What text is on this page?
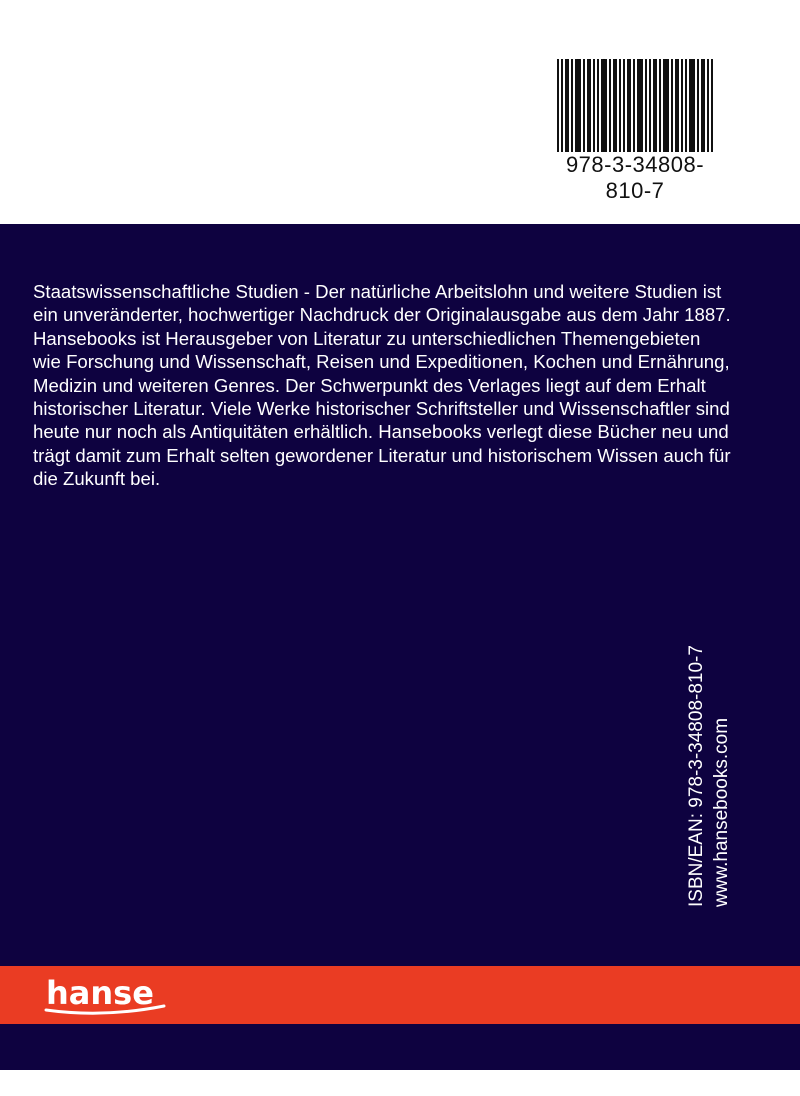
978-3-34808-810-7

Staatswissenschaftliche Studien - Der natürliche Arbeitslohn und weitere Studien ist ein unveränderter, hochwertiger Nachdruck der Originalausgabe aus dem Jahr 1887. Hansebooks ist Herausgeber von Literatur zu unterschiedlichen Themengebieten wie Forschung und Wissenschaft, Reisen und Expeditionen, Kochen und Ernährung, Medizin und weiteren Genres. Der Schwerpunkt des Verlages liegt auf dem Erhalt historischer Literatur. Viele Werke historischer Schriftsteller und Wissenschaftler sind heute nur noch als Antiquitäten erhältlich. Hansebooks verlegt diese Bücher neu und trägt damit zum Erhalt selten gewordener Literatur und historischem Wissen auch für die Zukunft bei.

ISBN/EAN: 978-3-34808-810-7 www.hansebooks.com
hanse
